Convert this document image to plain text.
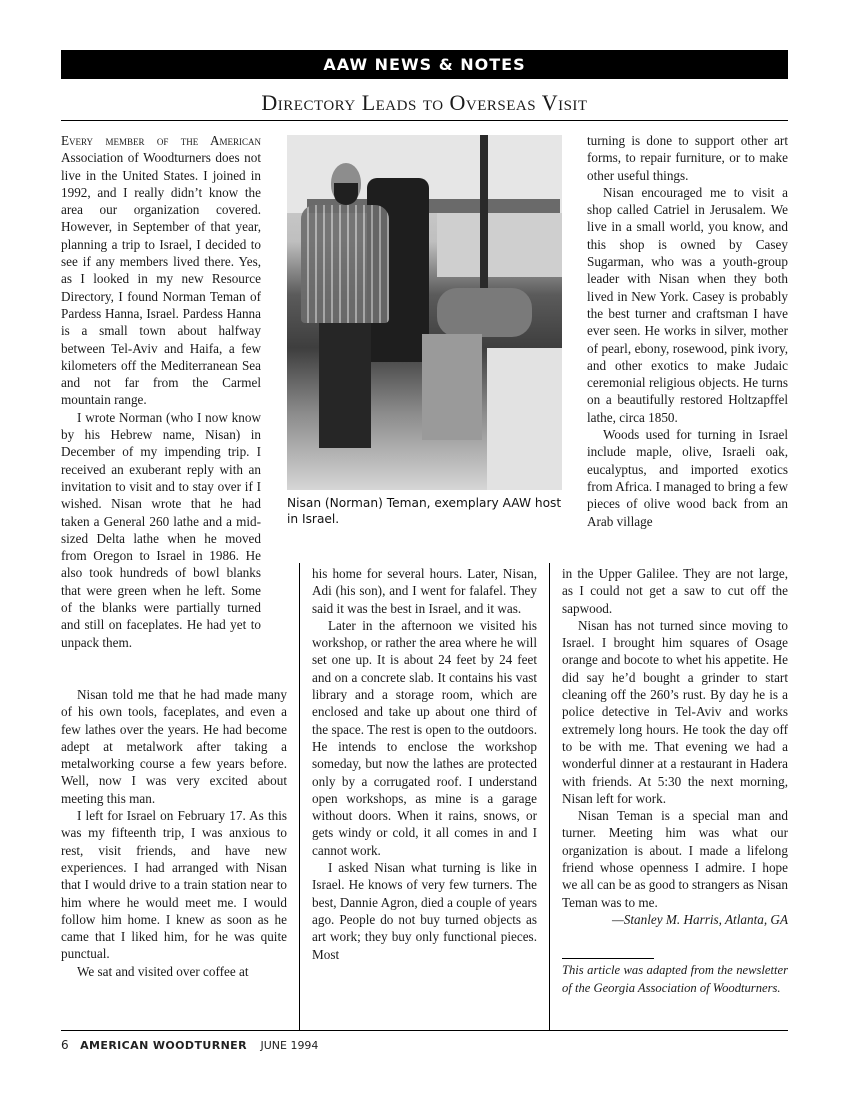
AAW NEWS & NOTES
Directory Leads to Overseas Visit

Every member of the American Association of Woodturners does not live in the United States. I joined in 1992, and I really didn’t know the area our organization covered. However, in September of that year, planning a trip to Israel, I decided to see if any members lived there. Yes, as I looked in my new Resource Directory, I found Norman Teman of Pardess Hanna, Israel. Pardess Hanna is a small town about halfway between Tel-Aviv and Haifa, a few kilometers off the Mediterranean Sea and not far from the Carmel mountain range.

I wrote Norman (who I now know by his Hebrew name, Nisan) in December of my impending trip. I received an exuberant reply with an invitation to visit and to stay over if I wished. Nisan wrote that he had taken a General 260 lathe and a mid-sized Delta lathe when he moved from Oregon to Israel in 1986. He also took hundreds of bowl blanks that were green when he left. Some of the blanks were partially turned and still on faceplates. He had yet to unpack them.

Nisan told me that he had made many of his own tools, faceplates, and even a few lathes over the years. He had become adept at metalwork after taking a metalworking course a few years before. Well, now I was very excited about meeting this man.

I left for Israel on February 17. As this was my fifteenth trip, I was anxious to rest, visit friends, and have new experiences. I had arranged with Nisan that I would drive to a train station near to him where he would meet me. I would follow him home. I knew as soon as he came that I liked him, for he was quite punctual.

We sat and visited over coffee at

Nisan (Norman) Teman, exemplary AAW host in Israel.

his home for several hours. Later, Nisan, Adi (his son), and I went for falafel. They said it was the best in Israel, and it was.

Later in the afternoon we visited his workshop, or rather the area where he will set one up. It is about 24 feet by 24 feet and on a concrete slab. It contains his vast library and a storage room, which are enclosed and take up about one third of the space. The rest is open to the outdoors. He intends to enclose the workshop someday, but now the lathes are protected only by a corrugated roof. I understand open workshops, as mine is a garage without doors. When it rains, snows, or gets windy or cold, it all comes in and I cannot work.

I asked Nisan what turning is like in Israel. He knows of very few turners. The best, Dannie Agron, died a couple of years ago. People do not buy turned objects as art work; they buy only functional pieces. Most

turning is done to support other art forms, to repair furniture, or to make other useful things.

Nisan encouraged me to visit a shop called Catriel in Jerusalem. We live in a small world, you know, and this shop is owned by Casey Sugarman, who was a youth-group leader with Nisan when they both lived in New York. Casey is probably the best turner and craftsman I have ever seen. He works in silver, mother of pearl, ebony, rosewood, pink ivory, and other exotics to make Judaic ceremonial religious objects. He turns on a beautifully restored Holtzapffel lathe, circa 1850.

Woods used for turning in Israel include maple, olive, Israeli oak, eucalyptus, and imported exotics from Africa. I managed to bring a few pieces of olive wood back from an Arab village

in the Upper Galilee. They are not large, as I could not get a saw to cut off the sapwood.

Nisan has not turned since moving to Israel. I brought him squares of Osage orange and bocote to whet his appetite. He did say he’d bought a grinder to start cleaning off the 260’s rust. By day he is a police detective in Tel-Aviv and works extremely long hours. He took the day off to be with me. That evening we had a wonderful dinner at a restaurant in Hadera with friends. At 5:30 the next morning, Nisan left for work.

Nisan Teman is a special man and turner. Meeting him was what our organization is about. I made a lifelong friend whose openness I admire. I hope we all can be as good to strangers as Nisan Teman was to me.

—Stanley M. Harris, Atlanta, GA
This article was adapted from the newsletter of the Georgia Association of Woodturners.
6 AMERICAN WOODTURNER JUNE 1994
